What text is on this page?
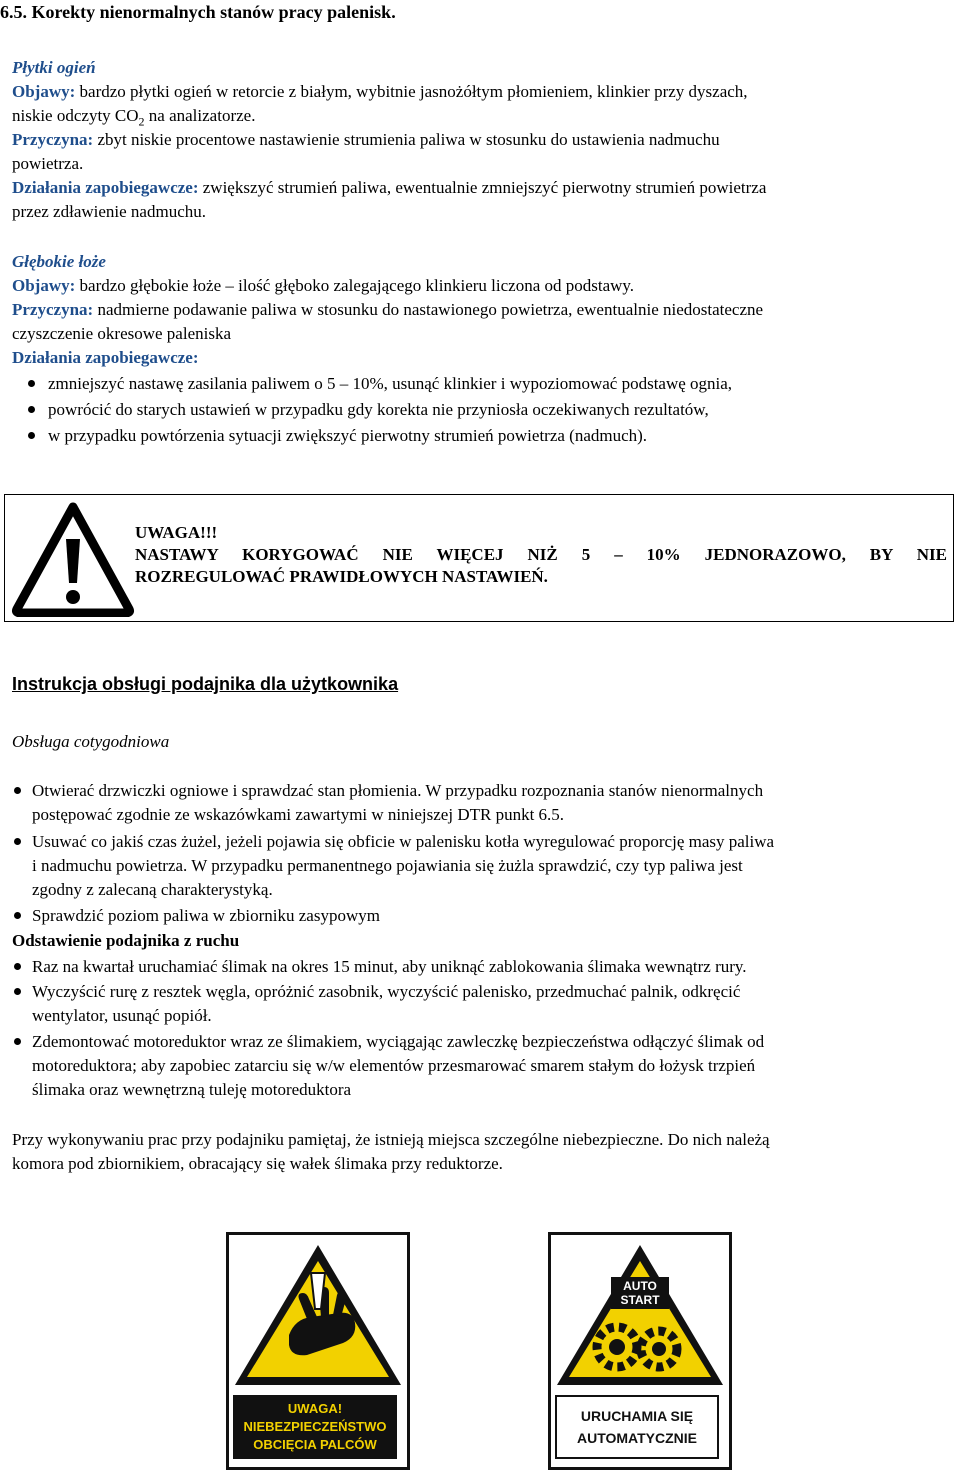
6.5. Korekty nienormalnych stanów pracy palenisk.
Płytki ogień
Objawy: bardzo płytki ogień w retorcie z białym, wybitnie jasnożółtym płomieniem, klinkier przy dyszach,
niskie odczyty $CO_2$ na analizatorze.
Przyczyna: zbyt niskie procentowe nastawienie strumienia paliwa w stosunku do ustawienia nadmuchu
powietrza.
Działania zapobiegawcze: zwiększyć strumień paliwa, ewentualnie zmniejszyć pierwotny strumień powietrza
przez zdławienie nadmuchu.
Głębokie łoże
Objawy: bardzo głębokie łoże – ilość głęboko zalegającego klinkieru liczona od podstawy.
Przyczyna: nadmierne podawanie paliwa w stosunku do nastawionego powietrza, ewentualnie niedostateczne
czyszczenie okresowe paleniska
Działania zapobiegawcze:
zmniejszyć nastawę zasilania paliwem o 5 – 10%, usunąć klinkier i wypoziomować podstawę ognia,
powrócić do starych ustawień w przypadku gdy korekta nie przyniosła oczekiwanych rezultatów,
w przypadku powtórzenia sytuacji zwiększyć pierwotny strumień powietrza (nadmuch).
UWAGA!!!
NASTAWY KORYGOWAĆ NIE WIĘCEJ NIŻ 5 – 10% JEDNORAZOWO, BY NIE
ROZREGULOWAĆ PRAWIDŁOWYCH NASTAWIEŃ.
Instrukcja obsługi podajnika dla użytkownika
Obsługa cotygodniowa
Otwierać drzwiczki ogniowe i sprawdzać stan płomienia. W przypadku rozpoznania stanów nienormalnych
postępować zgodnie ze wskazówkami zawartymi w niniejszej DTR punkt 6.5.
Usuwać co jakiś czas żużel, jeżeli pojawia się obficie w palenisku kotła wyregulować proporcję masy paliwa
i nadmuchu powietrza. W przypadku permanentnego pojawiania się żużla sprawdzić, czy typ paliwa jest
zgodny z zalecaną charakterystyką.
Sprawdzić poziom paliwa w zbiorniku zasypowym
Odstawienie podajnika z ruchu
Raz na kwartał uruchamiać ślimak na okres 15 minut, aby uniknąć zablokowania ślimaka wewnątrz rury.
Wyczyścić rurę z resztek węgla, opróżnić zasobnik, wyczyścić palenisko, przedmuchać palnik, odkręcić
wentylator, usunąć popiół.
Zdemontować motoreduktor wraz ze ślimakiem, wyciągając zawleczkę bezpieczeństwa odłączyć ślimak od
motoreduktora; aby zapobiec zatarciu się w/w elementów przesmarować smarem stałym do łożysk trzpień
ślimaka oraz wewnętrzną tuleję motoreduktora
Przy wykonywaniu prac przy podajniku pamiętaj, że istnieją miejsca szczególne niebezpieczne. Do nich należą
komora pod zbiornikiem, obracający się wałek ślimaka przy reduktorze.
UWAGA!
NIEBEZPIECZEŃSTWO
OBCIĘCIA PALCÓW
AUTO
START
URUCHAMIA SIĘ
AUTOMATYCZNIE
